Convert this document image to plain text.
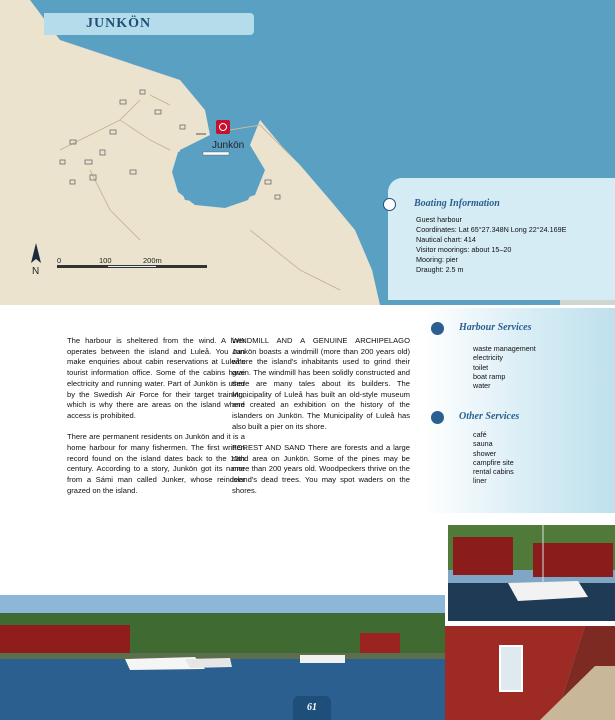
JUNKÖN
Junkön
N
0	100	200m
Boating Information
Guest harbour
Coordinates: Lat 65°27.348N Long 22°24.169E
Nautical chart: 414
Visitor moorings: about 15–20
Mooring: pier
Draught: 2.5 m
Harbour Services
waste management
electricity
toilet
boat ramp
water
Other Services
café
sauna
shower
campfire site
rental cabins
liner

The harbour is sheltered from the wind. A liner operates between the island and Luleå. You can make enquiries about cabin reservations at Luleå's tourist information office. Some of the cabins have electricity and running water. Part of Junkön is used by the Swedish Air Force for their target training, which is why there are areas on the island where access is prohibited.

There are permanent residents on Junkön and it is a home harbour for many fishermen. The first written record found on the island dates back to the 15th century. According to a story, Junkön got its name from a Sámi man called Junker, whose reindeer grazed on the island.

WINDMILL AND A GENUINE ARCHIPELAGO Junkön boasts a windmill (more than 200 years old) where the island's inhabitants used to grind their grain. The windmill has been solidly constructed and there are many tales about its builders. The Municipality of Luleå has built an old-style museum and created an exhibition on the history of the islanders on Junkön. The Municipality of Luleå has also built a pier on its shore.

FOREST AND SAND There are forests and a large sand area on Junkön. Some of the pines may be more than 200 years old. Woodpeckers thrive on the island's dead trees. You may spot waders on the shores.

61
